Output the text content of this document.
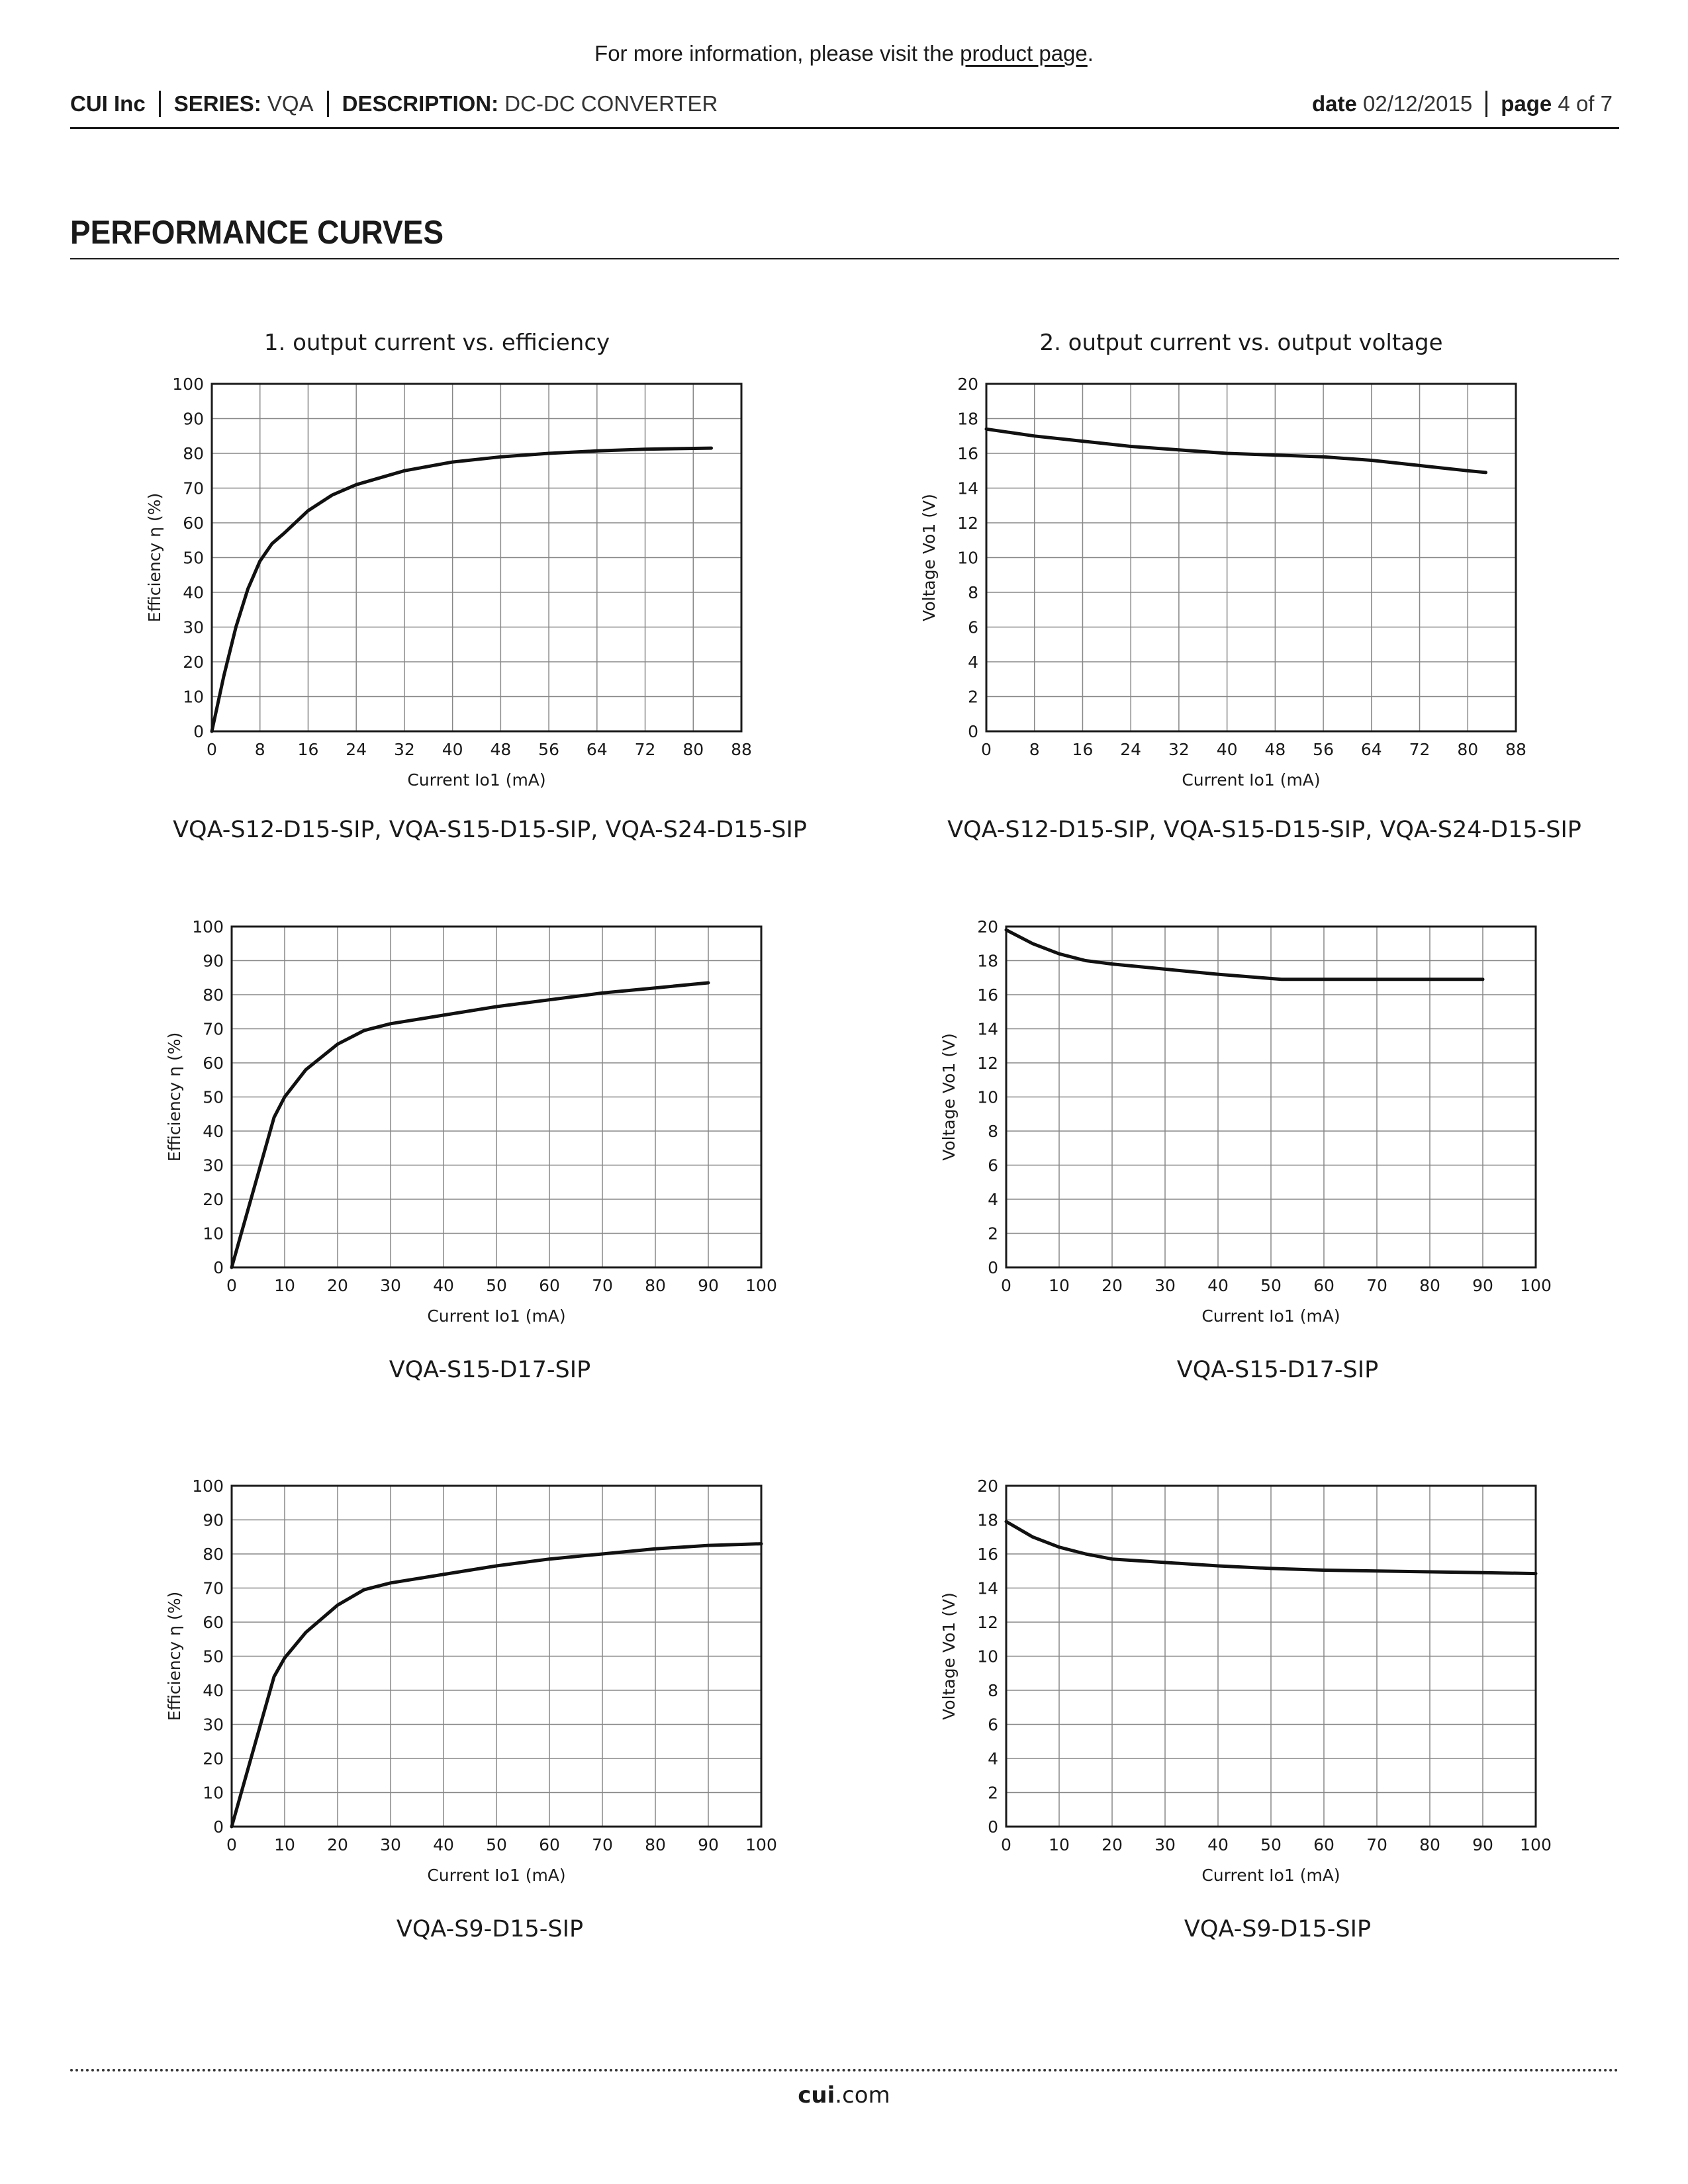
For more information, please visit the product page.
CUI Inc SERIES:
VQA DESCRIPTION:
DC-DC CONVERTER	date
02/12/2015 page
4 of 7
PERFORMANCE CURVES
1. output current vs. efficiency	2. output current vs. output voltage
0 8 16 24 32 40 48 56 64 72 80 88
0
10
20
30
40
50
60
70
80
90
100
Current Io1 (mA)
Efficiency η (%)
0 8 16 24 32 40 48 56 64 72 80 88
0
2
4
6
8
10
12
14
16
18
20
Current Io1 (mA)
Voltage Vo1 (V)
0 10 20 30 40 50 60 70 80 90 100
0
10
20
30
40
50
60
70
80
90
100
Current Io1 (mA)
Efficiency η (%)
0 10 20 30 40 50 60 70 80 90 100
0
2
4
6
8
10
12
14
16
18
20
Current Io1 (mA)
Voltage Vo1 (V)
0 10 20 30 40 50 60 70 80 90 100
0
10
20
30
40
50
60
70
80
90
100
Current Io1 (mA)
Efficiency η (%)
0 10 20 30 40 50 60 70 80 90 100
0
2
4
6
8
10
12
14
16
18
20
Current Io1 (mA)
Voltage Vo1 (V)
VQA-S12-D15-SIP, VQA-S15-D15-SIP, VQA-S24-D15-SIP	VQA-S12-D15-SIP, VQA-S15-D15-SIP, VQA-S24-D15-SIP
VQA-S15-D17-SIP	VQA-S15-D17-SIP
VQA-S9-D15-SIP	VQA-S9-D15-SIP
cui.com
